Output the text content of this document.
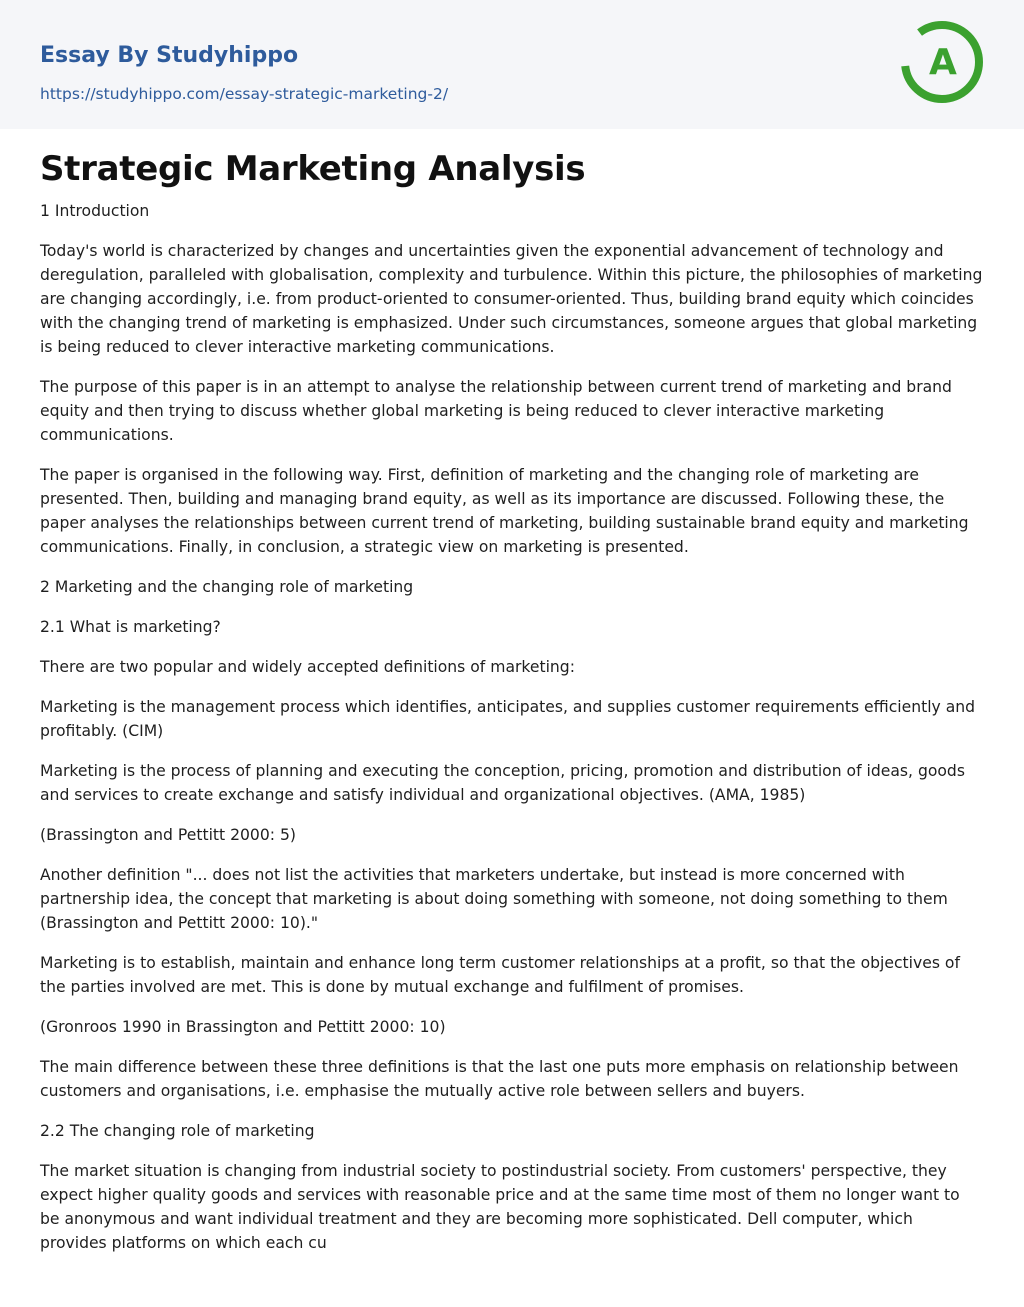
Essay By Studyhippo
https://studyhippo.com/essay-strategic-marketing-2/
A
Strategic Marketing Analysis

1 Introduction

Today's world is characterized by changes and uncertainties given the exponential advancement of technology and deregulation, paralleled with globalisation, complexity and turbulence. Within this picture, the philosophies of marketing are changing accordingly, i.e. from product-oriented to consumer-oriented. Thus, building brand equity which coincides with the changing trend of marketing is emphasized. Under such circumstances, someone argues that global marketing is being reduced to clever interactive marketing communications.

The purpose of this paper is in an attempt to analyse the relationship between current trend of marketing and brand equity and then trying to discuss whether global marketing is being reduced to clever interactive marketing communications.

The paper is organised in the following way. First, definition of marketing and the changing role of marketing are presented. Then, building and managing brand equity, as well as its importance are discussed. Following these, the paper analyses the relationships between current trend of marketing, building sustainable brand equity and marketing communications. Finally, in conclusion, a strategic view on marketing is presented.

2 Marketing and the changing role of marketing

2.1 What is marketing?

There are two popular and widely accepted definitions of marketing:

Marketing is the management process which identifies, anticipates, and supplies customer requirements efficiently and profitably. (CIM)

Marketing is the process of planning and executing the conception, pricing, promotion and distribution of ideas, goods and services to create exchange and satisfy individual and organizational objectives. (AMA, 1985)

(Brassington and Pettitt 2000: 5)

Another definition "... does not list the activities that marketers undertake, but instead is more concerned with partnership idea, the concept that marketing is about doing something with someone, not doing something to them (Brassington and Pettitt 2000: 10)."

Marketing is to establish, maintain and enhance long term customer relationships at a profit, so that the objectives of the parties involved are met. This is done by mutual exchange and fulfilment of promises.

(Gronroos 1990 in Brassington and Pettitt 2000: 10)

The main difference between these three definitions is that the last one puts more emphasis on relationship between customers and organisations, i.e. emphasise the mutually active role between sellers and buyers.

2.2 The changing role of marketing

The market situation is changing from industrial society to postindustrial society. From customers' perspective, they expect higher quality goods and services with reasonable price and at the same time most of them no longer want to be anonymous and want individual treatment and they are becoming more sophisticated. Dell computer, which provides platforms on which each cu
